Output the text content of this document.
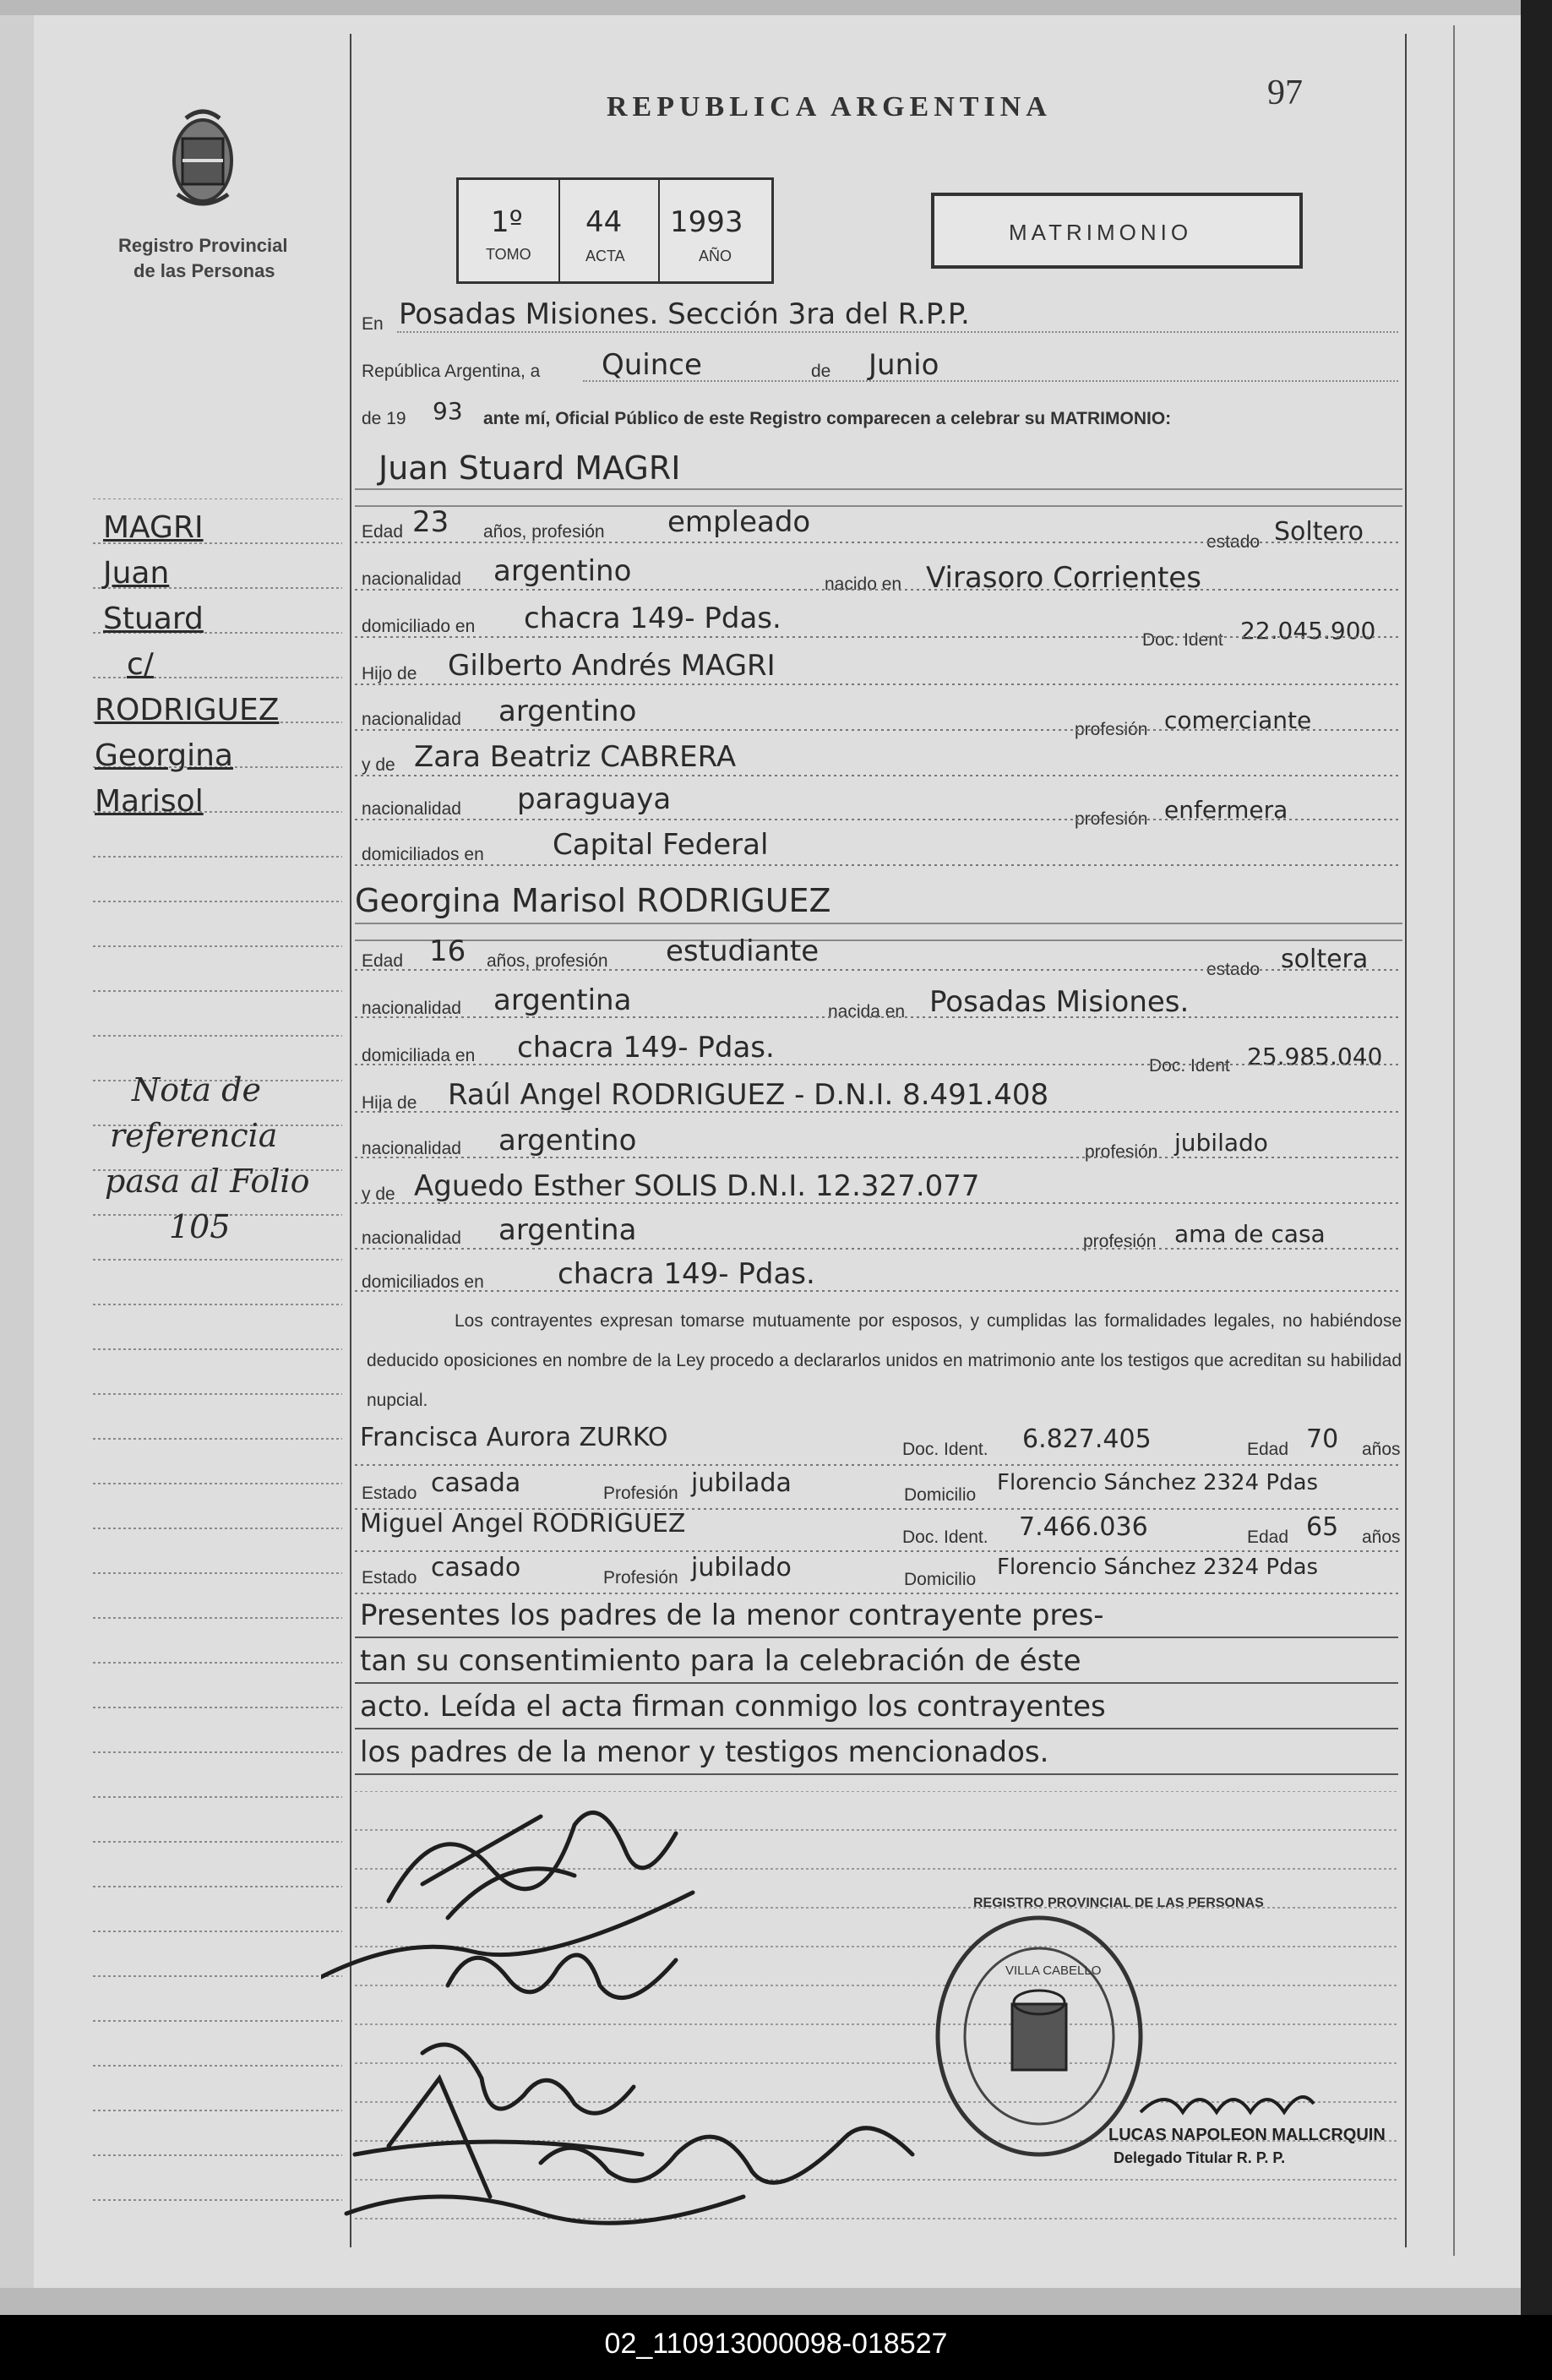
Registro Provincial
de las Personas
REPUBLICA ARGENTINA	97
1º 44 1993
TOMO	ACTA	AÑO
MATRIMONIO
En Posadas Misiones. Sección 3ra del R.P.P.
República Argentina, a Quince	de Junio
de 19 93 ante mí, Oficial Público de este Registro comparecen a celebrar su MATRIMONIO:
Juan Stuard MAGRI
Edad 23 años, profesión empleado
estado Soltero
nacionalidad argentino	nacido en Virasoro Corrientes
domiciliado en chacra 149- Pdas.
Doc. Ident 22.045.900
Hijo de Gilberto Andrés MAGRI
nacionalidad argentino
profesión comerciante
y de Zara Beatriz CABRERA
nacionalidad paraguaya
profesión enfermera
domiciliados en Capital Federal
Georgina Marisol RODRIGUEZ
Edad 16 años, profesión estudiante
estado soltera
nacionalidad argentina	nacida en Posadas Misiones.
domiciliada en chacra 149- Pdas.
Doc. Ident 25.985.040
Hija de Raúl Angel RODRIGUEZ - D.N.I. 8.491.408
nacionalidad argentino	profesión jubilado
y de Aguedo Esther SOLIS D.N.I. 12.327.077
nacionalidad argentina	profesión ama de casa
domiciliados en	chacra 149- Pdas.
Los contrayentes expresan tomarse mutuamente por esposos, y cumplidas las formalidades legales, no habiéndose deducido oposiciones en nombre de la Ley procedo a declararlos unidos en matrimonio ante los testigos que acreditan su habilidad nupcial.
Francisca Aurora ZURKO	Doc. Ident. 6.827.405	Edad 70 años
Estado casada	Profesión jubilada	Domicilio Florencio Sánchez 2324 Pdas
Miguel Angel RODRIGUEZ	Doc. Ident. 7.466.036	Edad 65 años
Estado casado	Profesión jubilado	Domicilio Florencio Sánchez 2324 Pdas
Presentes los padres de la menor contrayente pres-
tan su consentimiento para la celebración de éste
acto. Leída el acta firman conmigo los contrayentes
los padres de la menor y testigos mencionados.
MAGRI
Juan
Stuard
c/
RODRIGUEZ
Georgina
Marisol
Nota de
referencia
pasa al Folio
105
REGISTRO PROVINCIAL DE LAS PERSONAS
VILLA CABELLO
LUCAS NAPOLEON MALLCRQUIN
Delegado Titular R. P. P.
02_110913000098-018527
